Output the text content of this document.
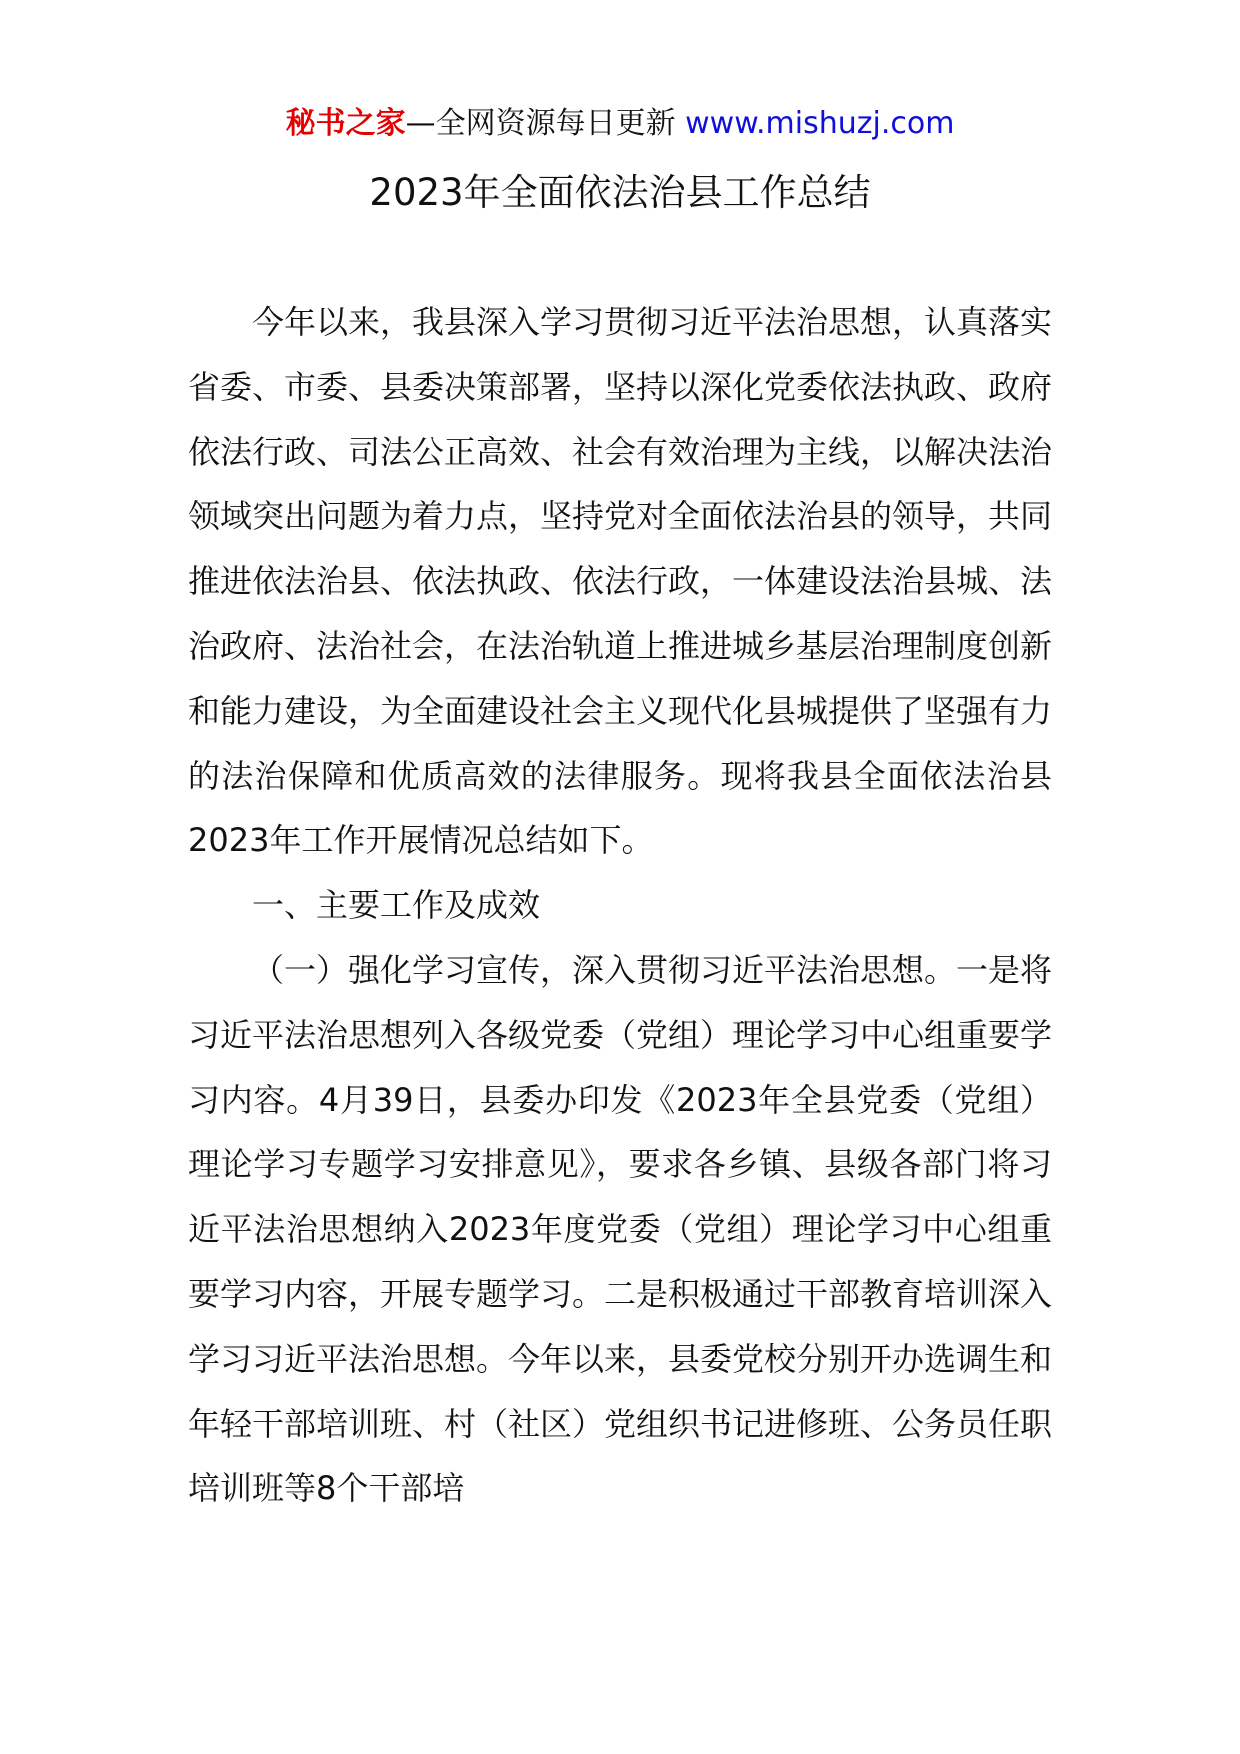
秘书之家—全网资源每日更新 www.mishuzj.com
2023年全面依法治县工作总结

今年以来，我县深入学习贯彻习近平法治思想，认真落实省委、市委、县委决策部署，坚持以深化党委依法执政、政府依法行政、司法公正高效、社会有效治理为主线，以解决法治领域突出问题为着力点，坚持党对全面依法治县的领导，共同推进依法治县、依法执政、依法行政，一体建设法治县城、法治政府、法治社会，在法治轨道上推进城乡基层治理制度创新和能力建设，为全面建设社会主义现代化县城提供了坚强有力的法治保障和优质高效的法律服务。现将我县全面依法治县2023年工作开展情况总结如下。

一、主要工作及成效

（一）强化学习宣传，深入贯彻习近平法治思想。一是将习近平法治思想列入各级党委（党组）理论学习中心组重要学习内容。4月39日，县委办印发《2023年全县党委（党组）理论学习专题学习安排意见》，要求各乡镇、县级各部门将习近平法治思想纳入2023年度党委（党组）理论学习中心组重要学习内容，开展专题学习。二是积极通过干部教育培训深入学习习近平法治思想。今年以来，县委党校分别开办选调生和年轻干部培训班、村（社区）党组织书记进修班、公务员任职培训班等8个干部培
